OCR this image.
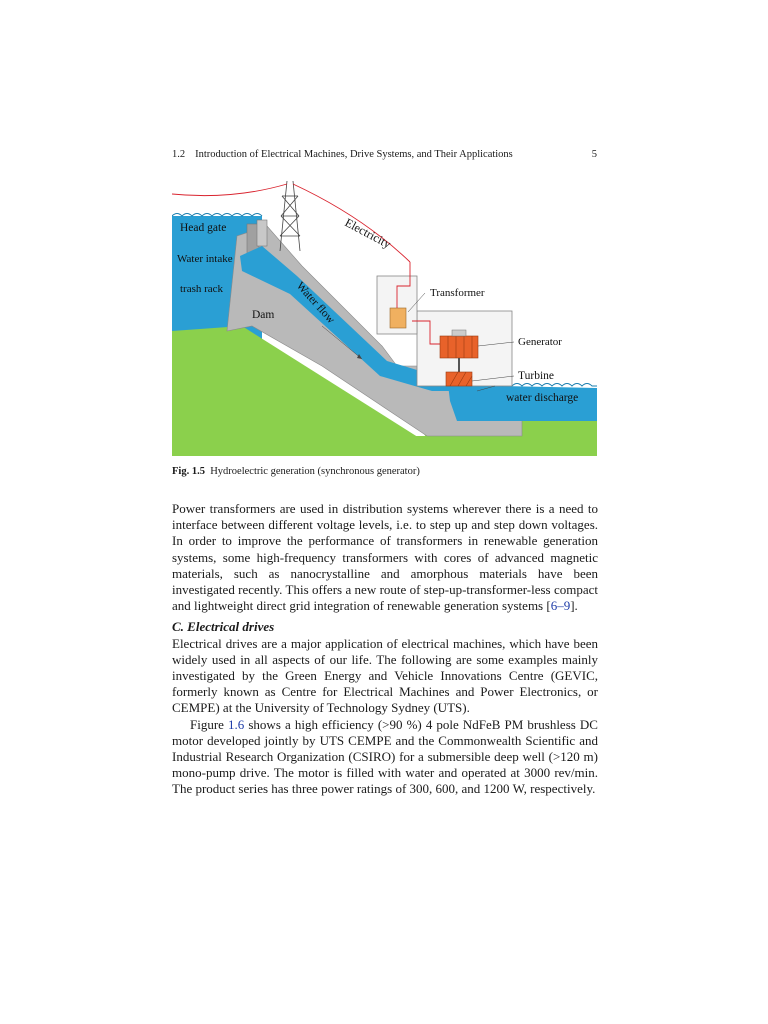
1.2 Introduction of Electrical Machines, Drive Systems, and Their Applications	5
Head gate
Water intake
trash rack
Dam Water flow
Electricity
Transformer
Generator
Turbine
water discharge
Fig. 1.5 Hydroelectric generation (synchronous generator)

Power transformers are used in distribution systems wherever there is a need to interface between different voltage levels, i.e. to step up and step down voltages. In order to improve the performance of transformers in renewable generation systems, some high-frequency transformers with cores of advanced magnetic materials, such as nanocrystalline and amorphous materials have been investigated recently. This offers a new route of step-up-transformer-less compact and lightweight direct grid integration of renewable generation systems [6–9].

C. Electrical drives

Electrical drives are a major application of electrical machines, which have been widely used in all aspects of our life. The following are some examples mainly investigated by the Green Energy and Vehicle Innovations Centre (GEVIC, formerly known as Centre for Electrical Machines and Power Electronics, or CEMPE) at the University of Technology Sydney (UTS).

Figure 1.6 shows a high efficiency (>90 %) 4 pole NdFeB PM brushless DC motor developed jointly by UTS CEMPE and the Commonwealth Scientific and Industrial Research Organization (CSIRO) for a submersible deep well (>120 m) mono-pump drive. The motor is filled with water and operated at 3000 rev/min. The product series has three power ratings of 300, 600, and 1200 W, respectively.
